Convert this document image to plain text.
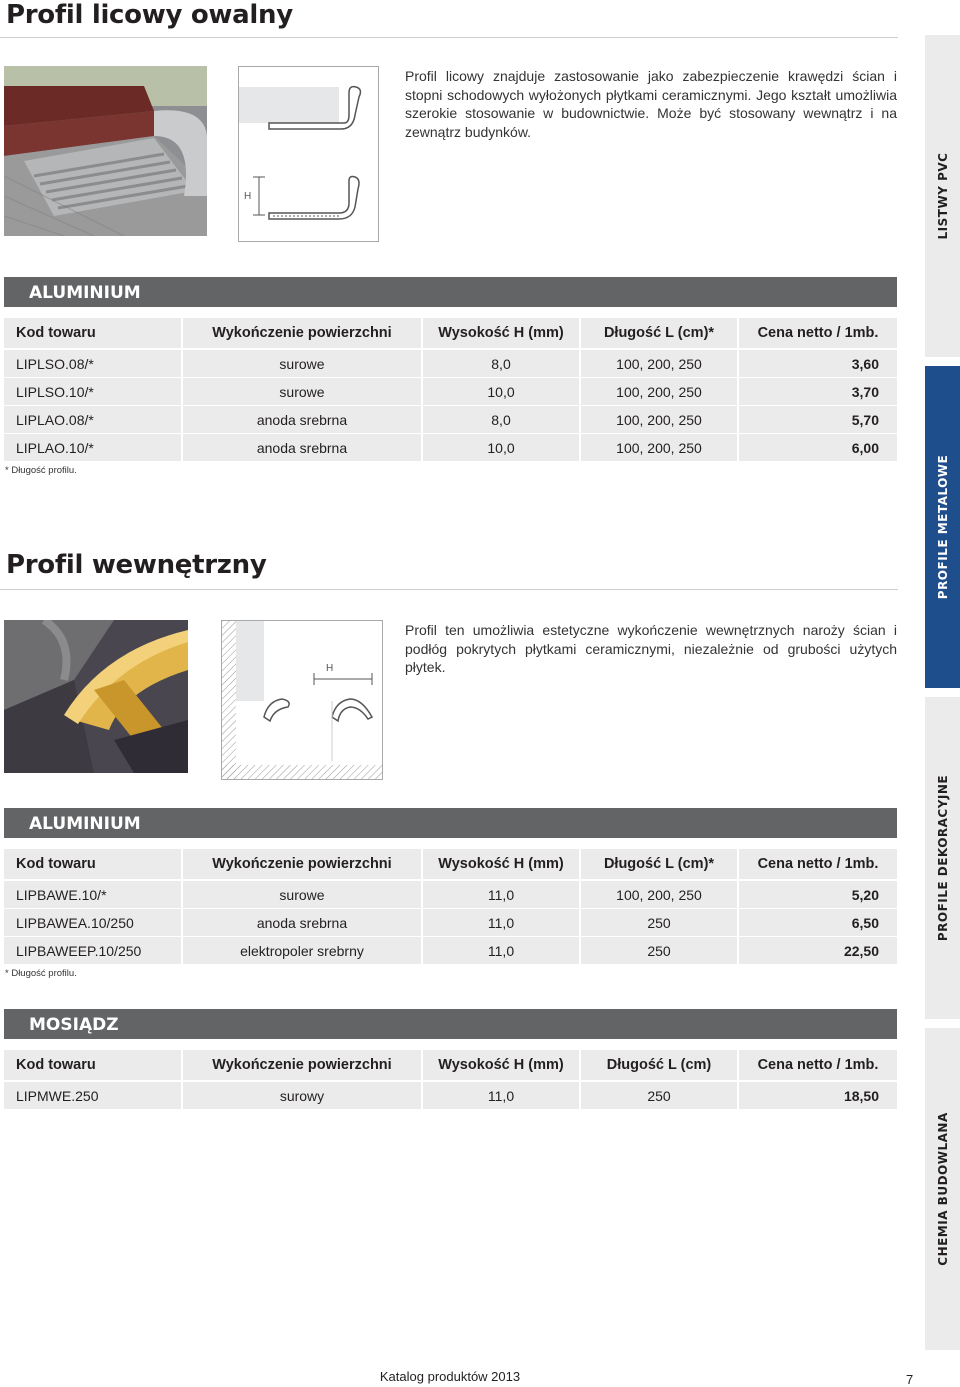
Profil licowy owalny
H

Profil licowy znajduje zastosowanie jako zabezpieczenie krawędzi ścian i stopni schodowych wyłożonych płytkami ceramicznymi. Jego kształt umożliwia szerokie stosowanie w budownictwie. Może być stosowany wewnątrz i na zewnątrz budynków.

ALUMINIUM
Kod towaru	Wykończenie powierzchni	Wysokość H (mm)	Długość L (cm)*	Cena netto / 1mb.
LIPLSO.08/*	surowe	8,0	100, 200, 250	3,60
LIPLSO.10/*	surowe	10,0	100, 200, 250	3,70
LIPLAO.08/*	anoda srebrna	8,0	100, 200, 250	5,70
LIPLAO.10/*	anoda srebrna	10,0	100, 200, 250	6,00
* Długość profilu.
Profil wewnętrzny
H

Profil ten umożliwia estetyczne wykończenie wewnętrznych naroży ścian i podłóg pokrytych płytkami ceramicznymi, niezależnie od grubości użytych płytek.

ALUMINIUM
Kod towaru	Wykończenie powierzchni	Wysokość H (mm)	Długość L (cm)*	Cena netto / 1mb.
LIPBAWE.10/*	surowe	11,0	100, 200, 250	5,20
LIPBAWEA.10/250	anoda srebrna	11,0	250	6,50
LIPBAWEEP.10/250	elektropoler srebrny	11,0	250	22,50
* Długość profilu.
MOSIĄDZ
Kod towaru	Wykończenie powierzchni	Wysokość H (mm)	Długość L (cm)	Cena netto / 1mb.
LIPMWE.250	surowy	11,0	250	18,50
LISTWY PVC
PROFILE METALOWE
PROFILE DEKORACYJNE
CHEMIA BUDOWLANA
Katalog produktów 2013	7
